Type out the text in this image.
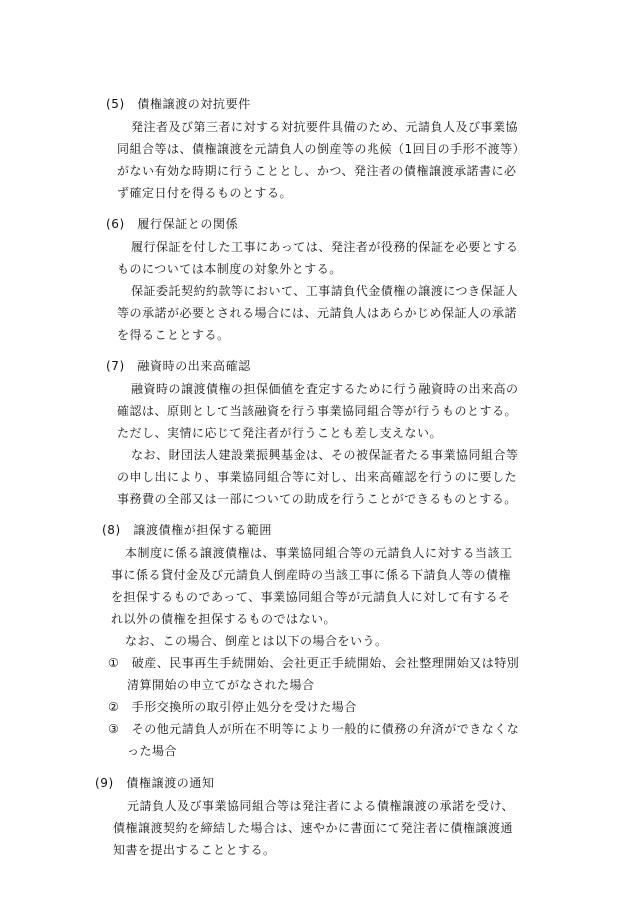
(5)　債権譲渡の対抗要件
発注者及び第三者に対する対抗要件具備のため、元請負人及び事業協
同組合等は、債権譲渡を元請負人の倒産等の兆候（1回目の手形不渡等）
がない有効な時期に行うこととし、かつ、発注者の債権譲渡承諾書に必
ず確定日付を得るものとする。
(6)　履行保証との関係
履行保証を付した工事にあっては、発注者が役務的保証を必要とする
ものについては本制度の対象外とする。
保証委託契約約款等において、工事請負代金債権の譲渡につき保証人
等の承諾が必要とされる場合には、元請負人はあらかじめ保証人の承諾
を得ることとする。
(7)　融資時の出来高確認
融資時の譲渡債権の担保価値を査定するために行う融資時の出来高の
確認は、原則として当該融資を行う事業協同組合等が行うものとする。
ただし、実情に応じて発注者が行うことも差し支えない。
なお、財団法人建設業振興基金は、その被保証者たる事業協同組合等
の申し出により、事業協同組合等に対し、出来高確認を行うのに要した
事務費の全部又は一部についての助成を行うことができるものとする。
(8)　譲渡債権が担保する範囲
本制度に係る譲渡債権は、事業協同組合等の元請負人に対する当該工
事に係る貸付金及び元請負人倒産時の当該工事に係る下請負人等の債権
を担保するものであって、事業協同組合等が元請負人に対して有するそ
れ以外の債権を担保するものではない。
なお、この場合、倒産とは以下の場合をいう。
①　破産、民事再生手続開始、会社更正手続開始、会社整理開始又は特別
清算開始の申立てがなされた場合
②　手形交換所の取引停止処分を受けた場合
③　その他元請負人が所在不明等により一般的に債務の弁済ができなくな
った場合
(9)　債権譲渡の通知
元請負人及び事業協同組合等は発注者による債権譲渡の承諾を受け、
債権譲渡契約を締結した場合は、速やかに書面にて発注者に債権譲渡通
知書を提出することとする。
